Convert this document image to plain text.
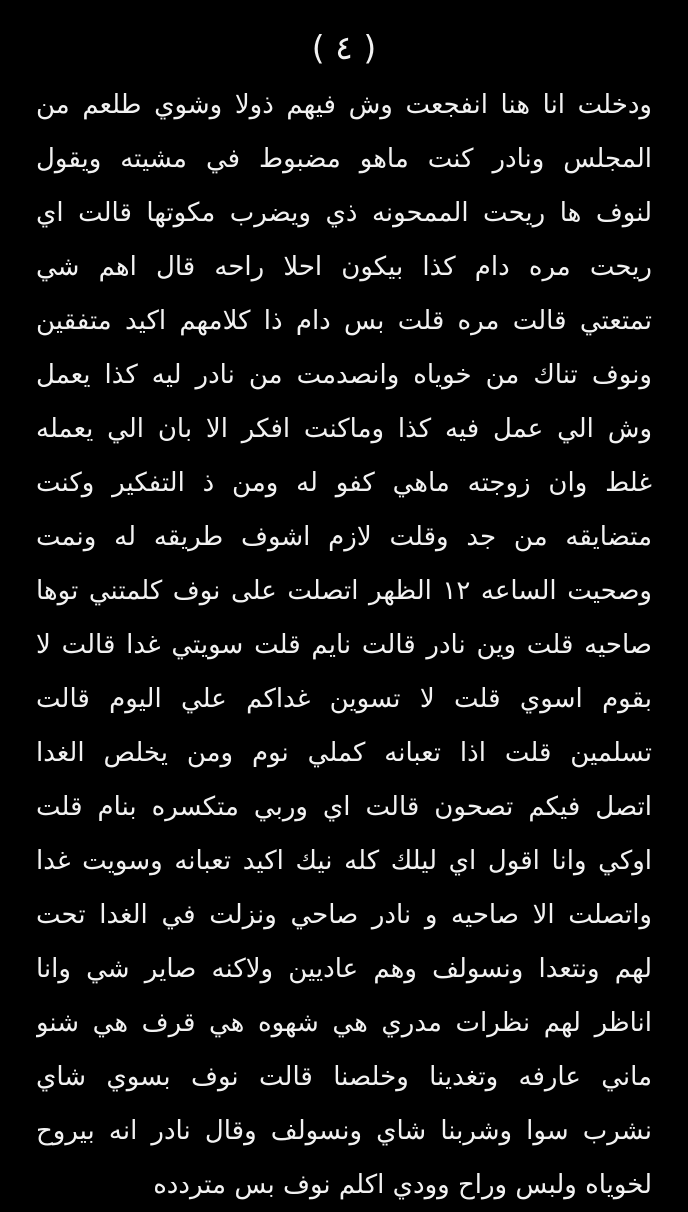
( ٤ )
ودخلت انا هنا انفجعت وش فيهم ذولا وشوي طلعم من
المجلس ونادر كنت ماهو مضبوط في مشيته ويقول
لنوف ها ريحت الممحونه ذي ويضرب مكوتها قالت اي
ريحت مره دام كذا بيكون احلا راحه قال اهم شي
تمتعتي قالت مره قلت بس دام ذا كلامهم اكيد متفقين
ونوف تناك من خوياه وانصدمت من نادر ليه كذا يعمل
وش الي عمل فيه كذا وماكنت افكر الا بان الي يعمله
غلط وان زوجته ماهي كفو له ومن ذ التفكير وكنت
متضايقه من جد وقلت لازم اشوف طريقه له ونمت
وصحيت الساعه ١٢ الظهر اتصلت على نوف كلمتني توها
صاحيه قلت وين نادر قالت نايم قلت سويتي غدا قالت لا
بقوم اسوي قلت لا تسوين غداكم علي اليوم قالت
تسلمين قلت اذا تعبانه كملي نوم ومن يخلص الغدا
اتصل فيكم تصحون قالت اي وربي متكسره بنام قلت
اوكي وانا اقول اي ليلك كله نيك اكيد تعبانه وسويت غدا
واتصلت الا صاحيه و نادر صاحي ونزلت في الغدا تحت
لهم ونتعدا ونسولف وهم عاديين ولاكنه صاير شي وانا
اناظر لهم نظرات مدري هي شهوه هي قرف هي شنو
ماني عارفه وتغدينا وخلصنا قالت نوف بسوي شاي
نشرب سوا وشربنا شاي ونسولف وقال نادر انه بيروح
لخوياه ولبس وراح وودي اكلم نوف بس متردده
